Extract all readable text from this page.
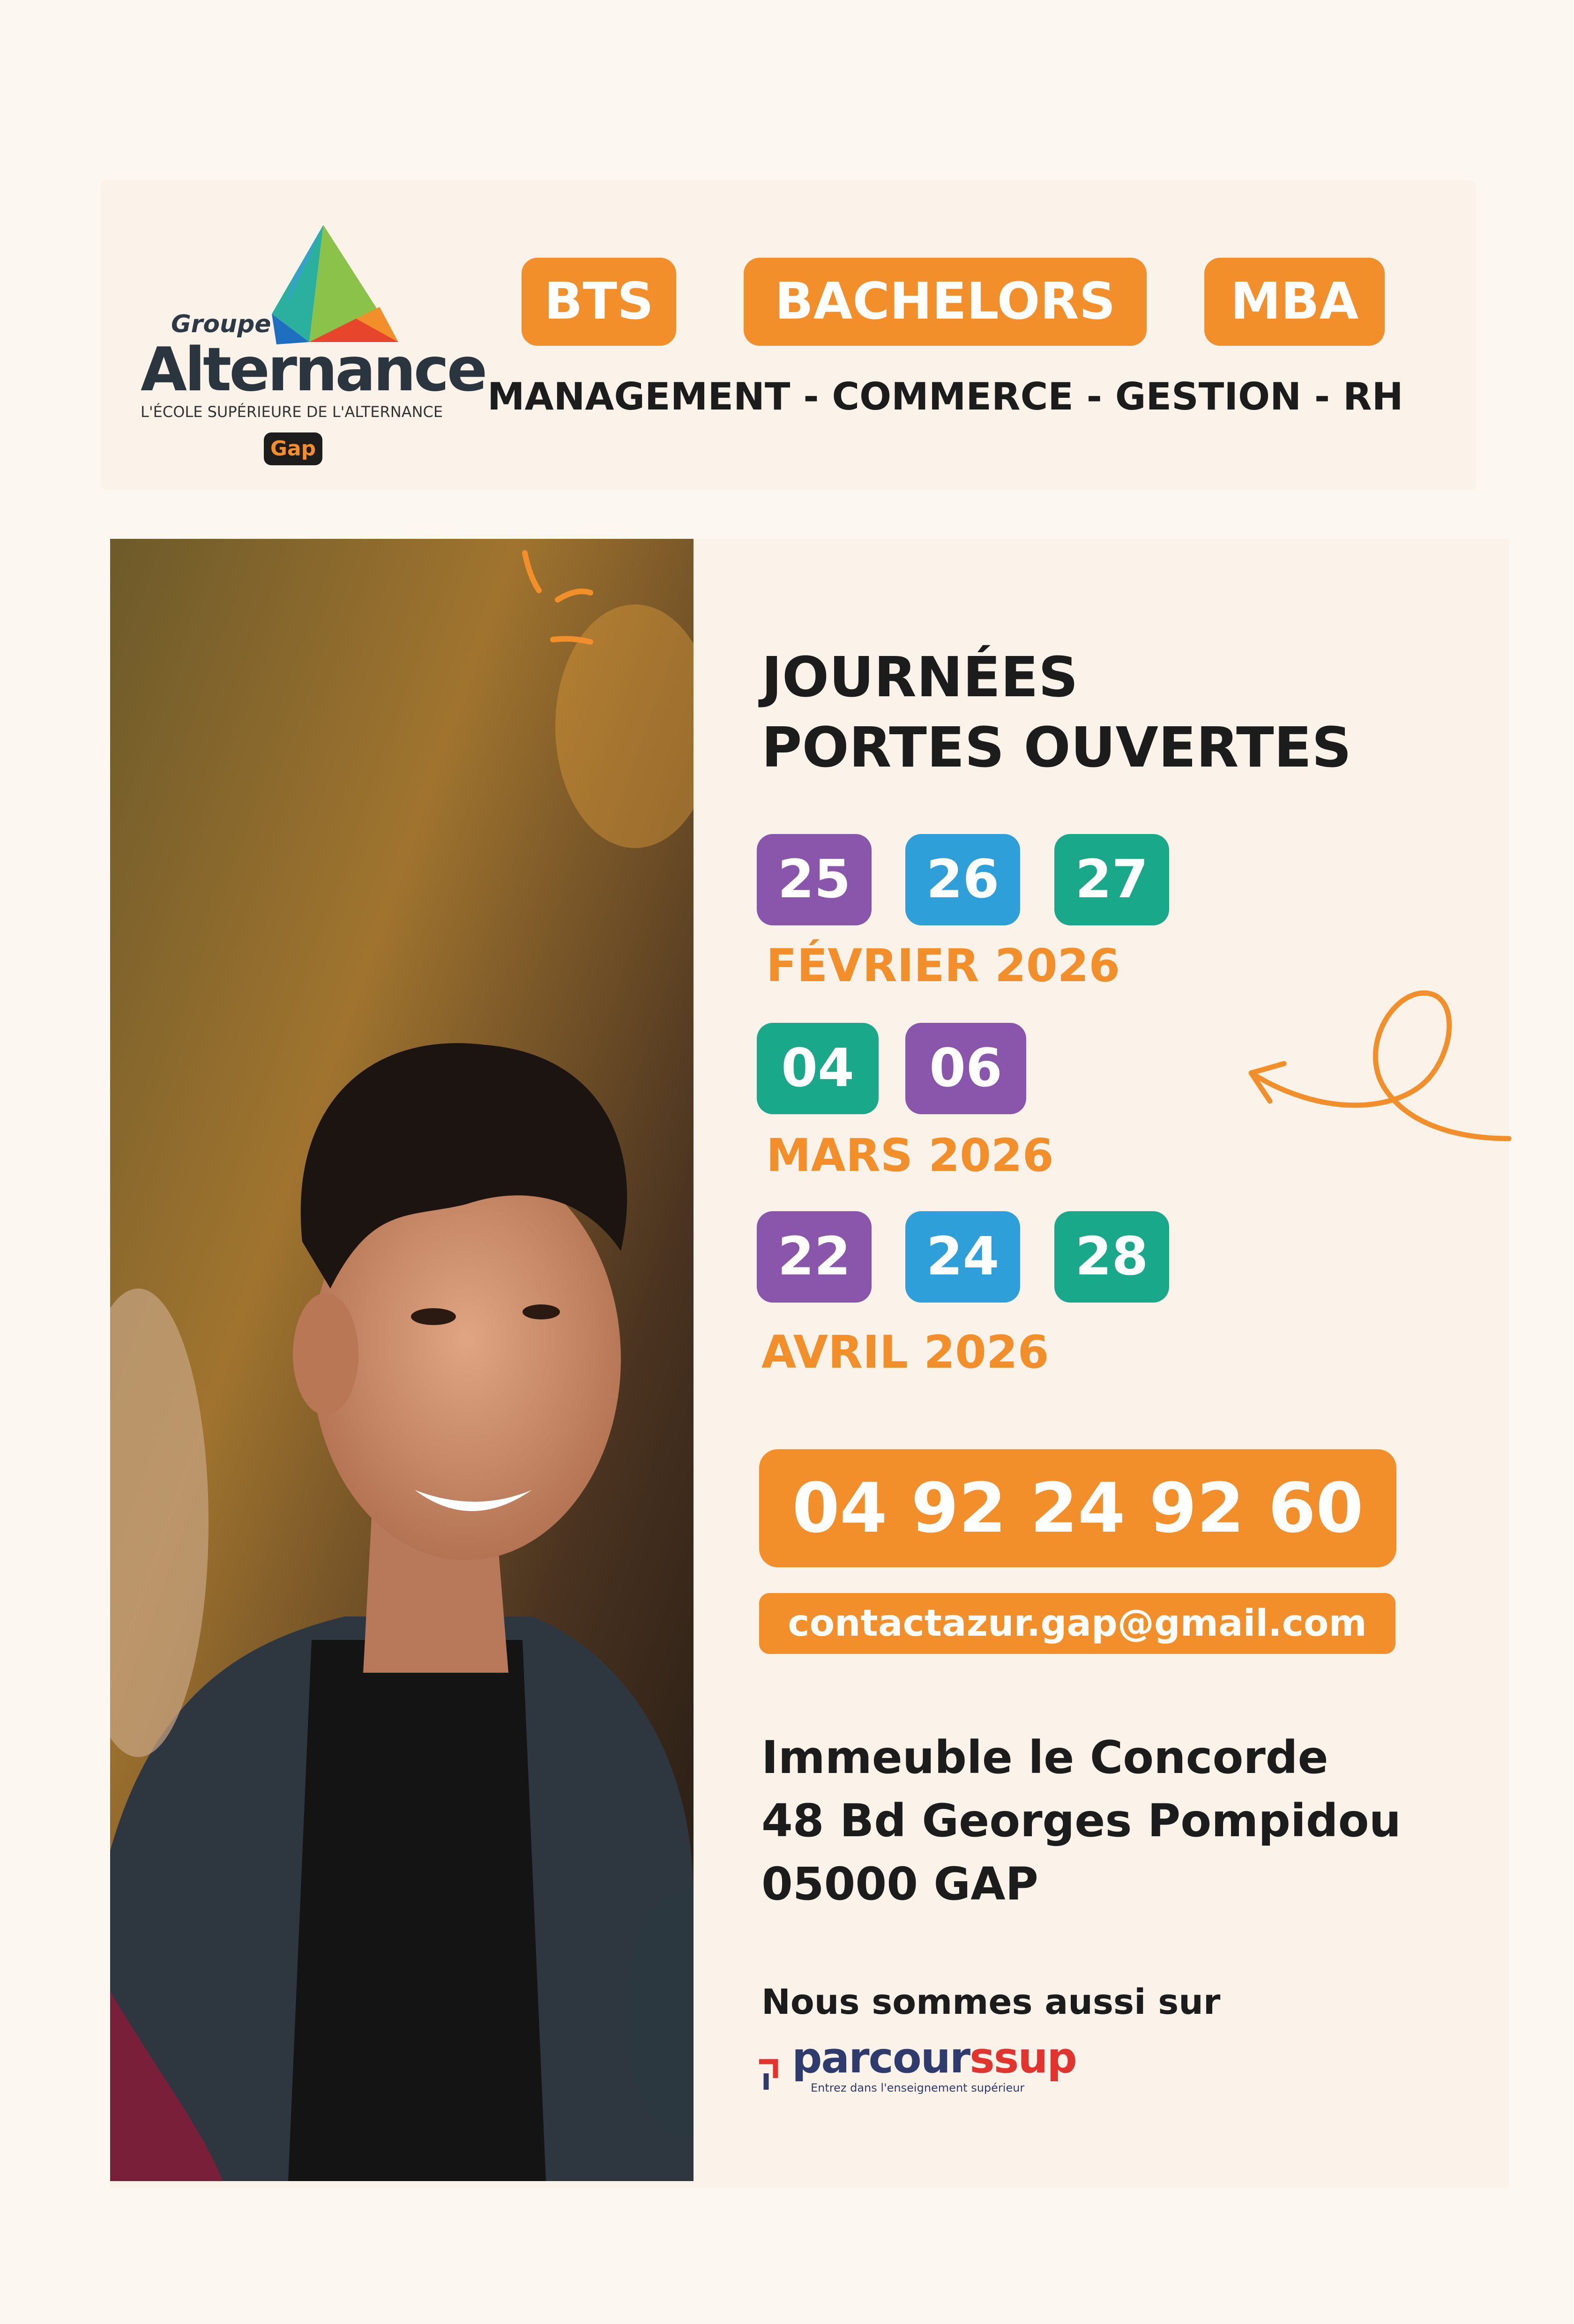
Groupe
Alternance
L'ÉCOLE SUPÉRIEURE DE L'ALTERNANCE
Gap
BTS	BACHELORS	MBA
MANAGEMENT - COMMERCE - GESTION - RH
JOURNÉES
PORTES OUVERTES
25	26	27
FÉVRIER 2026
04	06
MARS 2026
22	24	28
AVRIL 2026
04 92 24 92 60
contactazur.gap@gmail.com
Immeuble le Concorde
48 Bd Georges Pompidou
05000 GAP
Nous sommes aussi sur
parcourssup
Entrez dans l'enseignement supérieur
